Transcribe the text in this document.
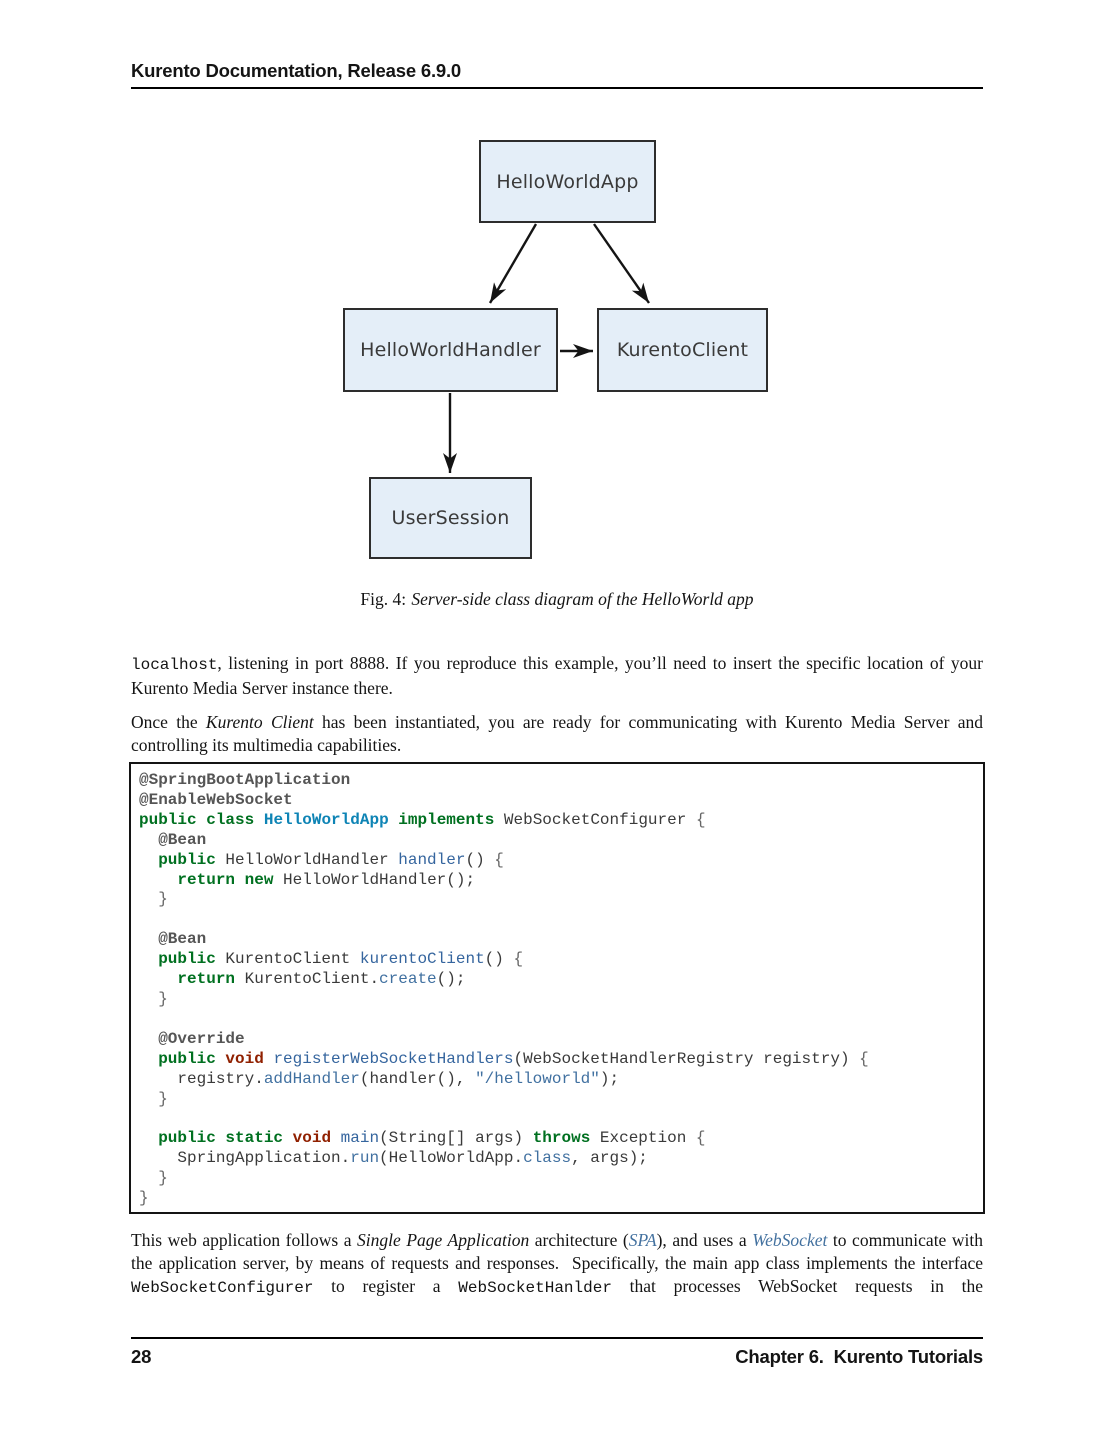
Kurento Documentation, Release 6.9.0
HelloWorldApp
HelloWorldHandler	KurentoClient
UserSession
Fig. 4: Server-side class diagram of the HelloWorld app

localhost, listening in port 8888. If you reproduce this example, you’ll need to insert the specific location of your Kurento Media Server instance there.

Once the Kurento Client has been instantiated, you are ready for communicating with Kurento Media Server and controlling its multimedia capabilities.

@SpringBootApplication
@EnableWebSocket
public class HelloWorldApp implements WebSocketConfigurer {
@Bean
public HelloWorldHandler handler() {
return new HelloWorldHandler();
}

@Bean
public KurentoClient kurentoClient() {
return KurentoClient.create();
}

@Override
public void registerWebSocketHandlers(WebSocketHandlerRegistry registry) {
registry.addHandler(handler(), "/helloworld");
}

public static void main(String[] args) throws Exception {
SpringApplication.run(HelloWorldApp.class, args);
}
}

This web application follows a Single Page Application architecture (SPA), and uses a WebSocket to communicate with the application server, by means of requests and responses.  Specifically, the main app class implements the interface WebSocketConfigurer to register a WebSocketHanlder that processes WebSocket requests in the

28	Chapter 6.  Kurento Tutorials
